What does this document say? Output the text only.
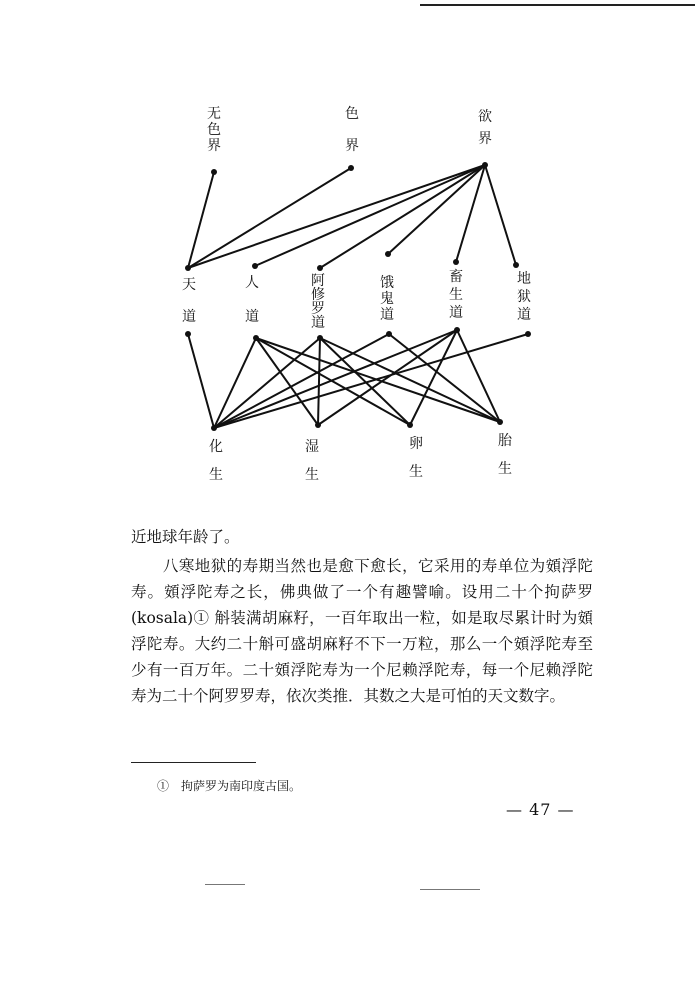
无
色
界
色
界
欲
界
天
道
人
道
阿
修
罗
道
饿
鬼
道
畜
生
道
地
狱
道
化
生
湿
生
卵
生
胎
生
近地球年龄了。
　　八寒地狱的寿期当然也是愈下愈长，它采用的寿单位为頞浮陀寿。頞浮陀寿之长，佛典做了一个有趣譬喻。设用二十个拘萨罗(kosala)① 斛装满胡麻籽，一百年取出一粒，如是取尽累计时为頞浮陀寿。大约二十斛可盛胡麻籽不下一万粒，那么一个頞浮陀寿至少有一百万年。二十頞浮陀寿为一个尼赖浮陀寿，每一个尼赖浮陀寿为二十个阿罗罗寿，依次类推．其数之大是可怕的天文数字。
①　拘萨罗为南印度古国。
— 47 —
